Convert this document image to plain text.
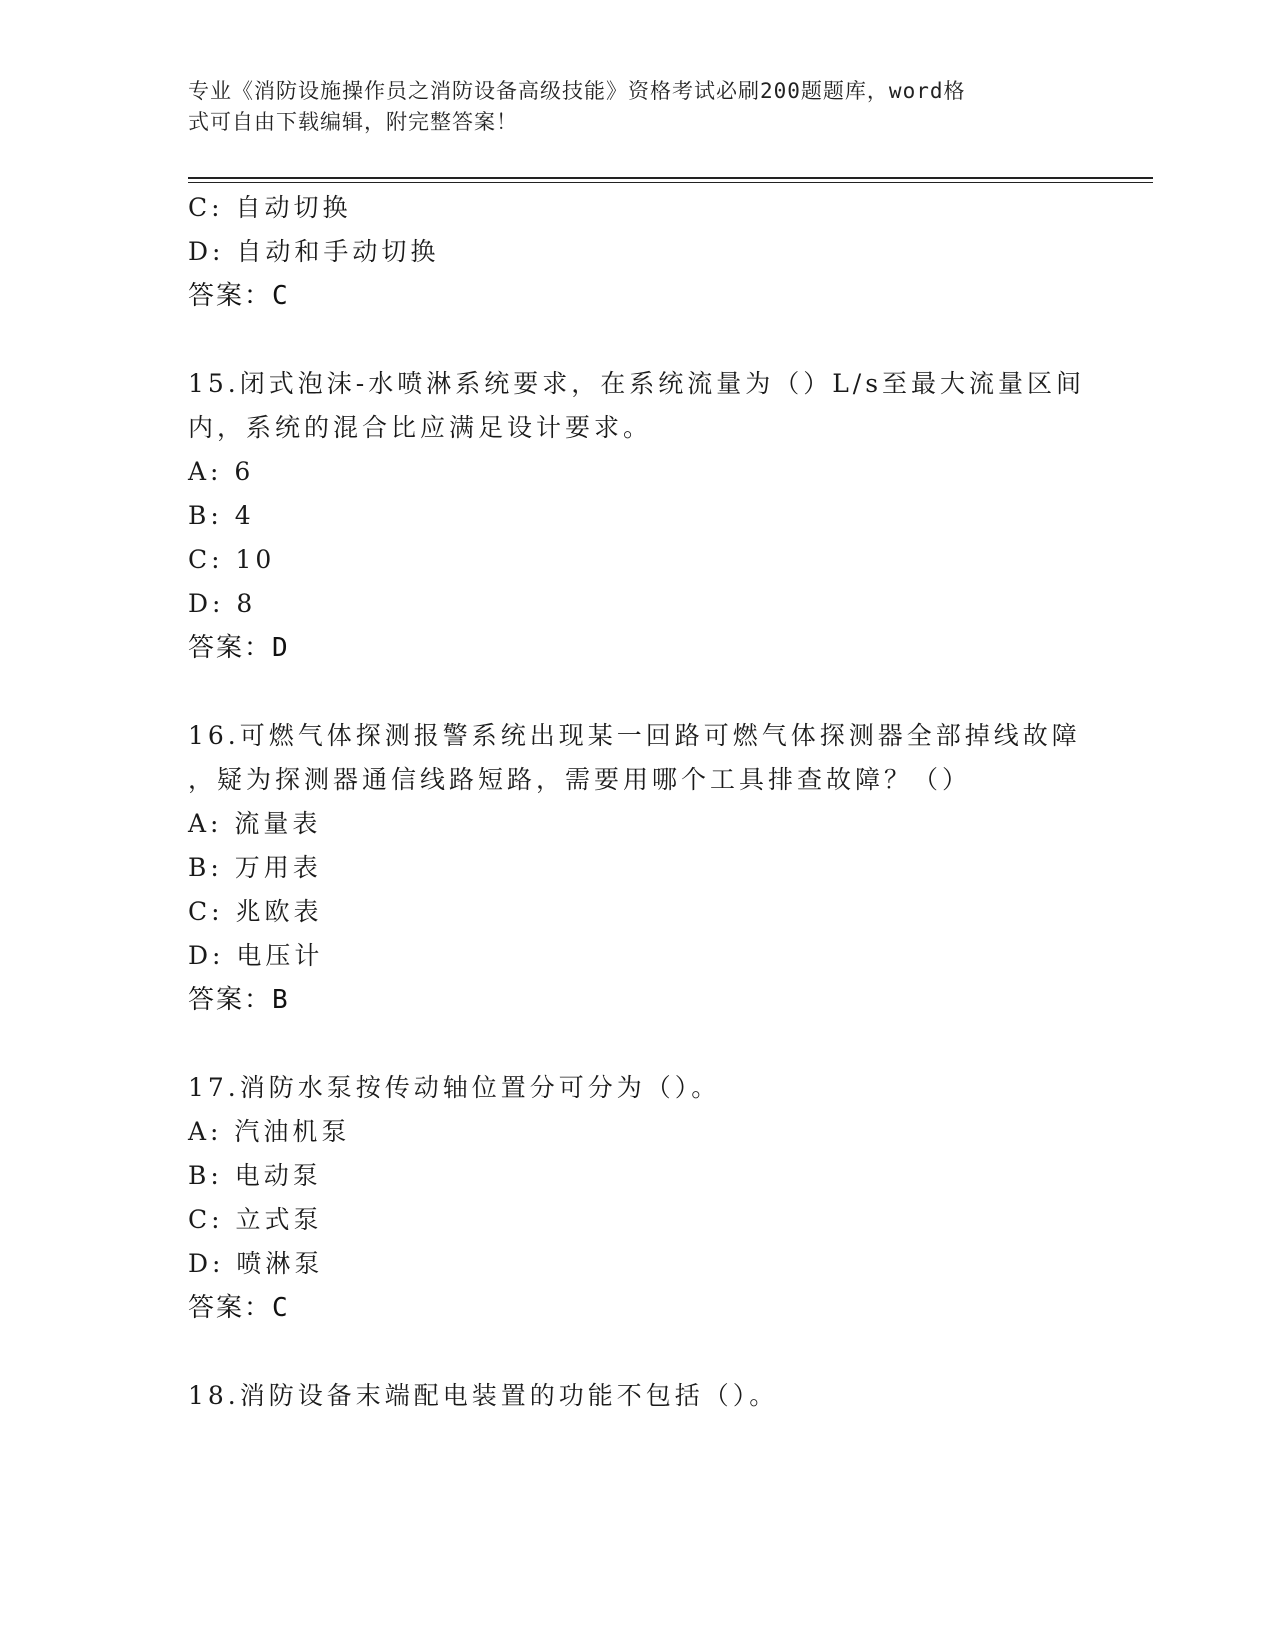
专业《消防设施操作员之消防设备高级技能》资格考试必刷200题题库，word格
式可自由下载编辑，附完整答案！
C: 自动切换
D: 自动和手动切换
答案：C
15.闭式泡沫-水喷淋系统要求，在系统流量为（）L/s至最大流量区间
内，系统的混合比应满足设计要求。
A: 6
B: 4
C: 10
D: 8
答案：D
16.可燃气体探测报警系统出现某一回路可燃气体探测器全部掉线故障
，疑为探测器通信线路短路，需要用哪个工具排查故障？（）
A: 流量表
B: 万用表
C: 兆欧表
D: 电压计
答案：B
17.消防水泵按传动轴位置分可分为（）。
A: 汽油机泵
B: 电动泵
C: 立式泵
D: 喷淋泵
答案：C
18.消防设备末端配电装置的功能不包括（）。
